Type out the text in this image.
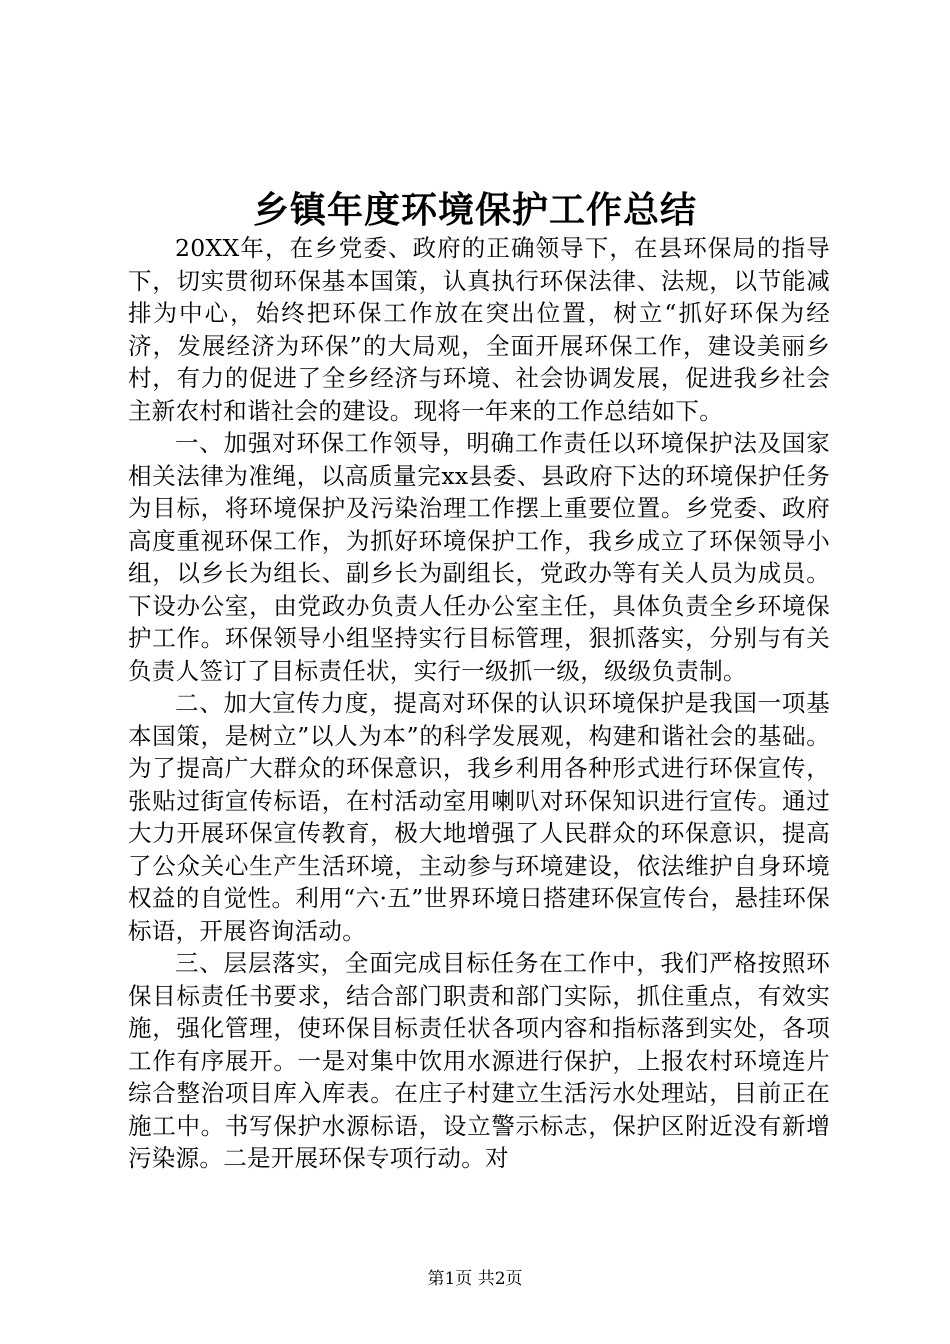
乡镇年度环境保护工作总结

20XX年，在乡党委、政府的正确领导下，在县环保局的指导下，切实贯彻环保基本国策，认真执行环保法律、法规，以节能减排为中心，始终把环保工作放在突出位置，树立“抓好环保为经济，发展经济为环保”的大局观，全面开展环保工作，建设美丽乡村，有力的促进了全乡经济与环境、社会协调发展，促进我乡社会主新农村和谐社会的建设。现将一年来的工作总结如下。

一、加强对环保工作领导，明确工作责任以环境保护法及国家相关法律为准绳，以高质量完xx县委、县政府下达的环境保护任务为目标，将环境保护及污染治理工作摆上重要位置。乡党委、政府高度重视环保工作，为抓好环境保护工作，我乡成立了环保领导小组，以乡长为组长、副乡长为副组长，党政办等有关人员为成员。下设办公室，由党政办负责人任办公室主任，具体负责全乡环境保护工作。环保领导小组坚持实行目标管理，狠抓落实，分别与有关负责人签订了目标责任状，实行一级抓一级，级级负责制。

二、加大宣传力度，提高对环保的认识环境保护是我国一项基本国策，是树立”以人为本”的科学发展观，构建和谐社会的基础。为了提高广大群众的环保意识，我乡利用各种形式进行环保宣传，张贴过街宣传标语，在村活动室用喇叭对环保知识进行宣传。通过大力开展环保宣传教育，极大地增强了人民群众的环保意识，提高了公众关心生产生活环境，主动参与环境建设，依法维护自身环境权益的自觉性。利用“六·五”世界环境日搭建环保宣传台，悬挂环保标语，开展咨询活动。

三、层层落实，全面完成目标任务在工作中，我们严格按照环保目标责任书要求，结合部门职责和部门实际，抓住重点，有效实施，强化管理，使环保目标责任状各项内容和指标落到实处，各项工作有序展开。一是对集中饮用水源进行保护，上报农村环境连片综合整治项目库入库表。在庄子村建立生活污水处理站，目前正在施工中。书写保护水源标语，设立警示标志，保护区附近没有新增污染源。二是开展环保专项行动。对

第1页 共2页
